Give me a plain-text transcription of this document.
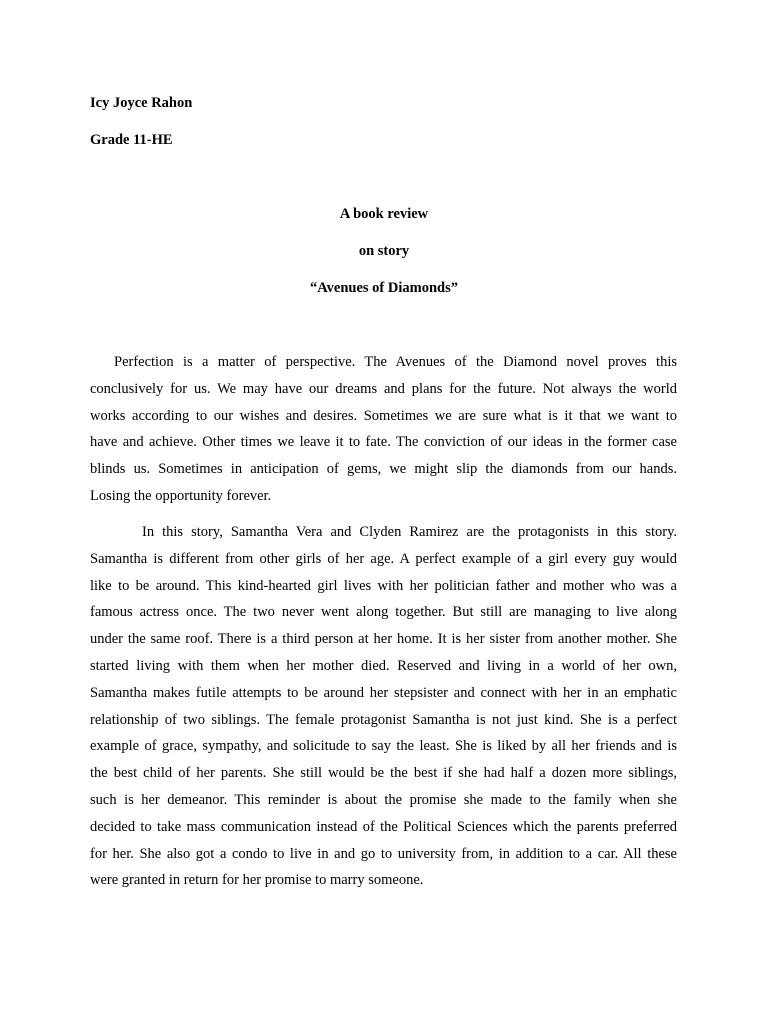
Icy Joyce Rahon
Grade 11-HE
A book review
on story
“Avenues of Diamonds”

Perfection is a matter of perspective. The Avenues of the Diamond novel proves this
conclusively for us. We may have our dreams and plans for the future. Not always the world
works according to our wishes and desires. Sometimes we are sure what is it that we want to
have and achieve. Other times we leave it to fate. The conviction of our ideas in the former case
blinds us. Sometimes in anticipation of gems, we might slip the diamonds from our hands.
Losing the opportunity forever.

In this story, Samantha Vera and Clyden Ramirez are the protagonists in this story.
Samantha is different from other girls of her age. A perfect example of a girl every guy would
like to be around. This kind-hearted girl lives with her politician father and mother who was a
famous actress once. The two never went along together. But still are managing to live along
under the same roof. There is a third person at her home. It is her sister from another mother. She
started living with them when her mother died. Reserved and living in a world of her own,
Samantha makes futile attempts to be around her stepsister and connect with her in an emphatic
relationship of two siblings. The female protagonist Samantha is not just kind. She is a perfect
example of grace, sympathy, and solicitude to say the least. She is liked by all her friends and is
the best child of her parents. She still would be the best if she had half a dozen more siblings,
such is her demeanor. This reminder is about the promise she made to the family when she
decided to take mass communication instead of the Political Sciences which the parents preferred
for her. She also got a condo to live in and go to university from, in addition to a car. All these
were granted in return for her promise to marry someone.
